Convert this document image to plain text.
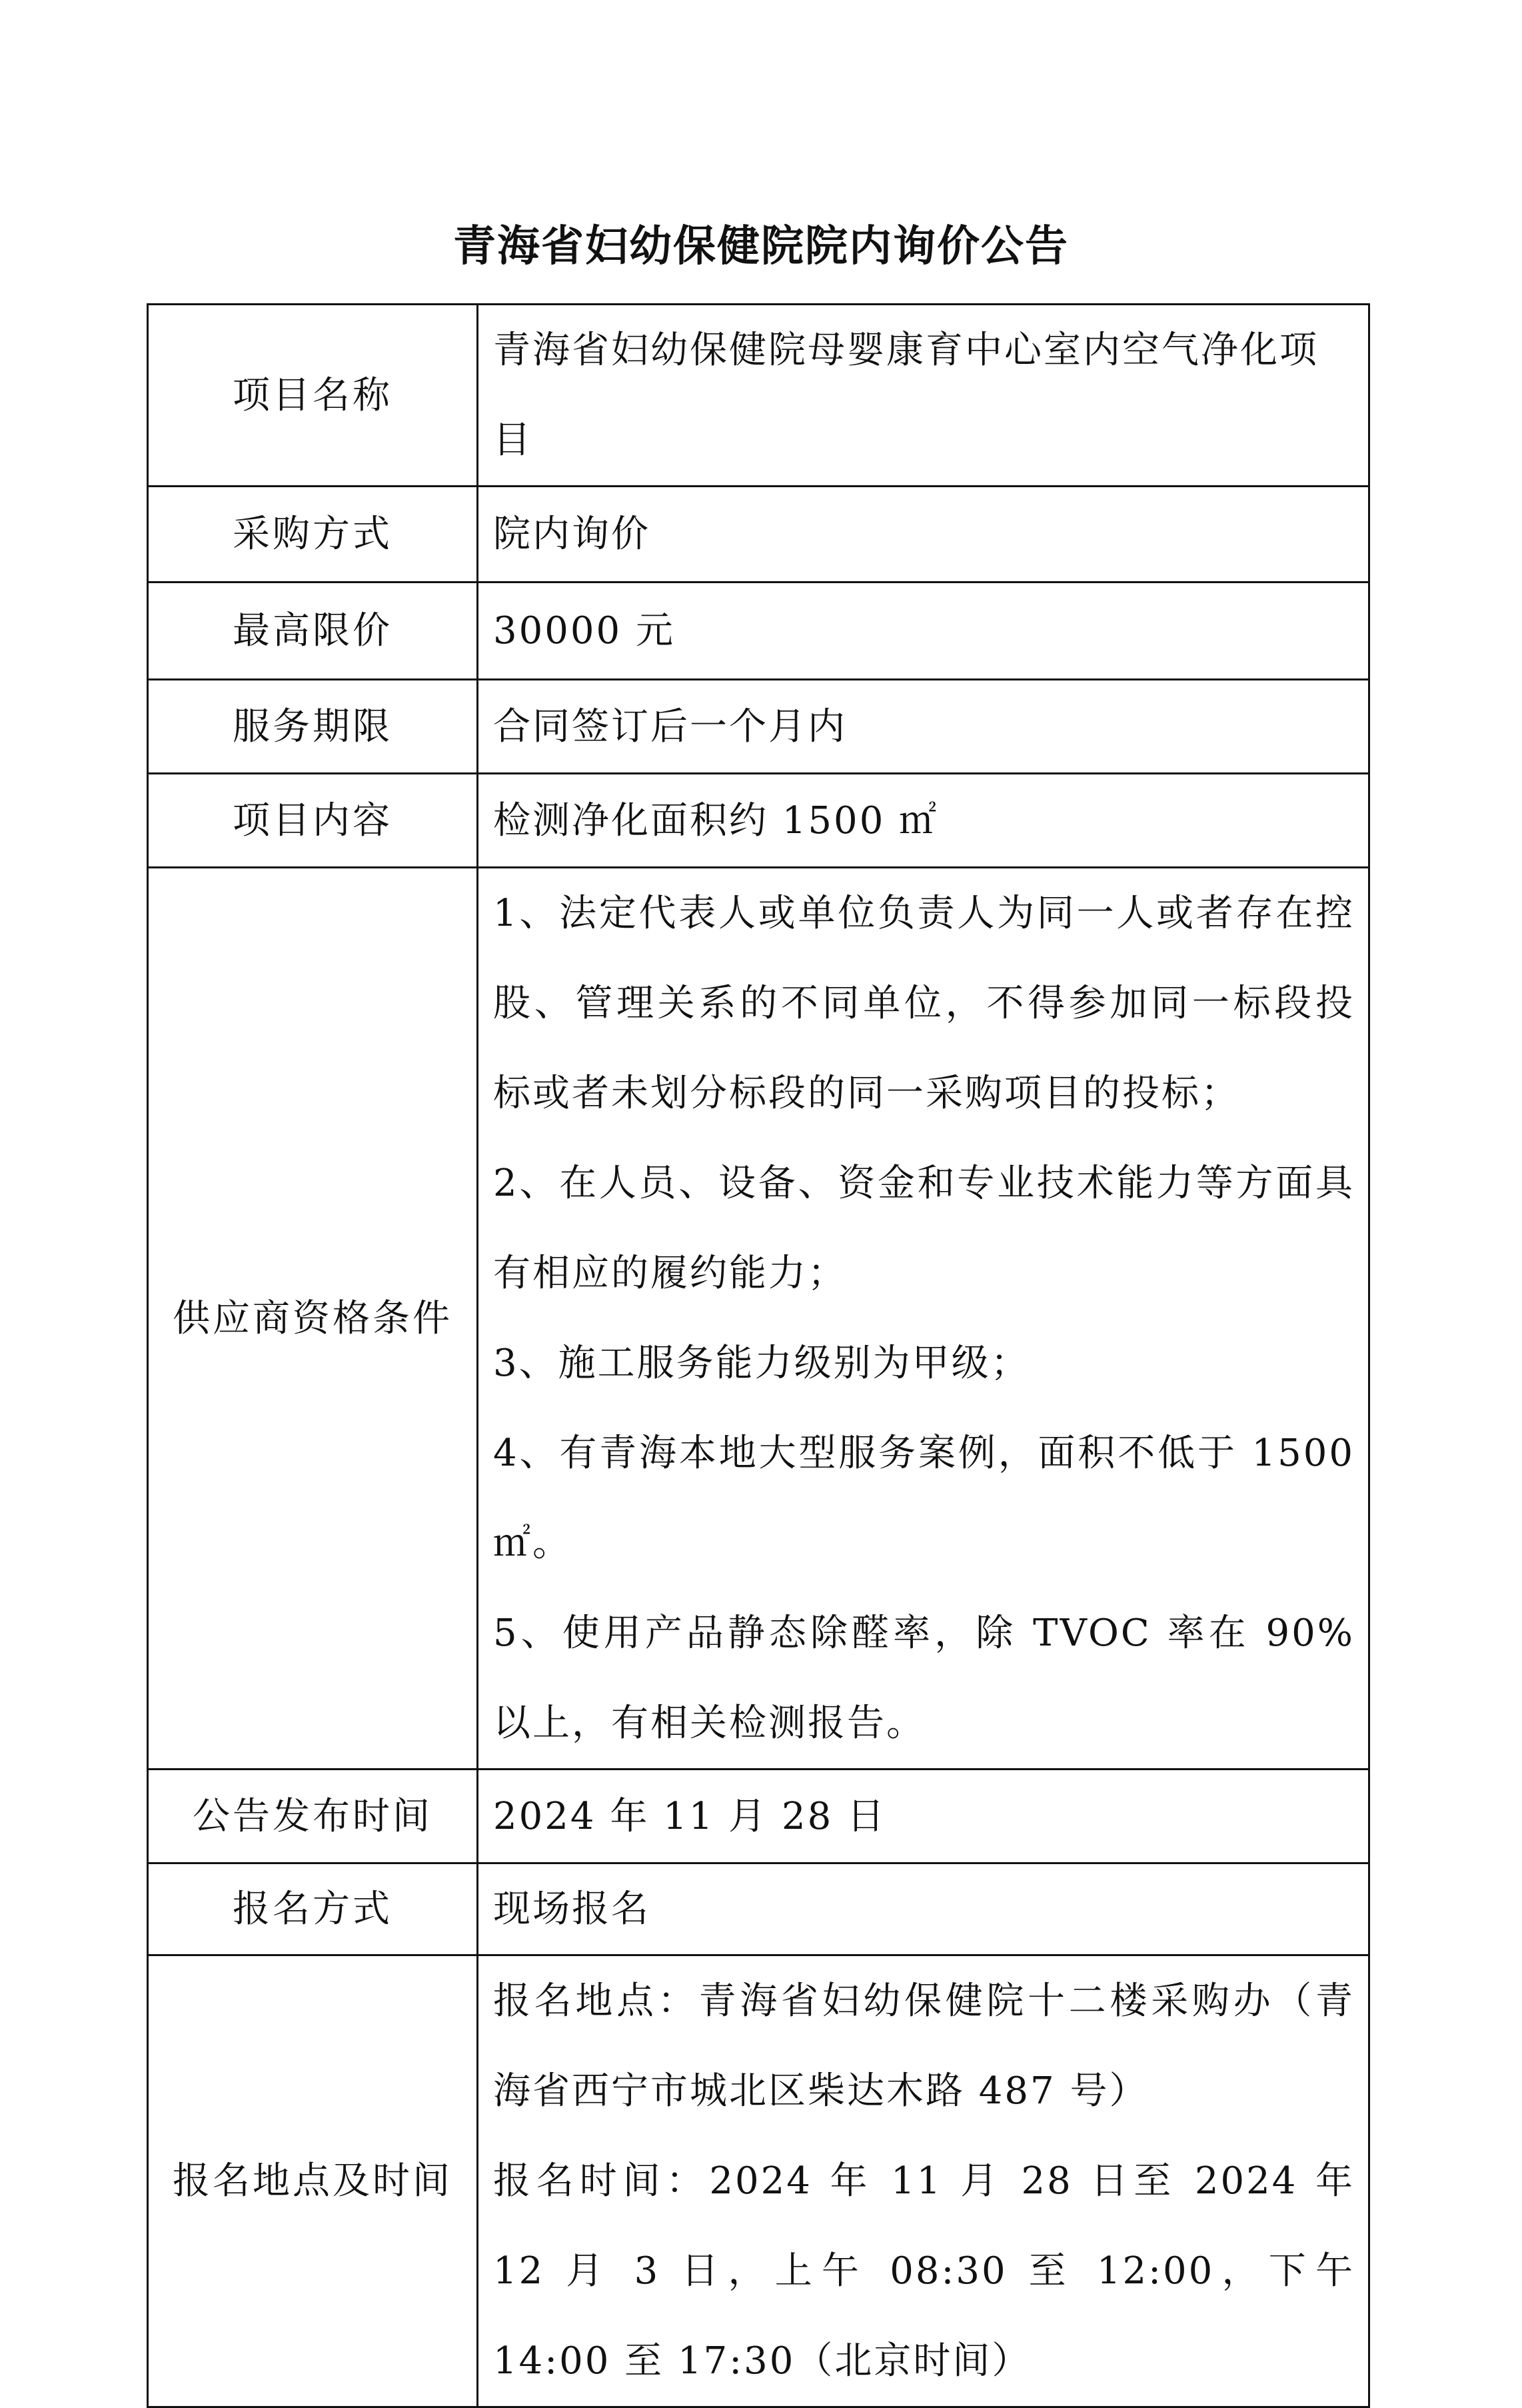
青海省妇幼保健院院内询价公告
项目名称	青海省妇幼保健院母婴康育中心室内空气净化项目
采购方式	院内询价
最高限价	30000 元
服务期限	合同签订后一个月内
项目内容	检测净化面积约 1500 ㎡
供应商资格条件	1、法定代表人或单位负责人为同一人或者存在控股、管理关系的不同单位，不得参加同一标段投标或者未划分标段的同一采购项目的投标；
2、在人员、设备、资金和专业技术能力等方面具有相应的履约能力；
3、施工服务能力级别为甲级；
4、有青海本地大型服务案例，面积不低于 1500 ㎡。
5、使用产品静态除醛率，除 TVOC 率在 90%以上，有相关检测报告。

公告发布时间	2024 年 11 月 28 日
报名方式	现场报名
报名地点及时间	报名地点：青海省妇幼保健院十二楼采购办（青海省西宁市城北区柴达木路 487 号）
报名时间：2024 年 11 月 28 日至 2024 年 12 月 3 日，上午 08:30 至 12:00，下午 14:00 至 17:30（北京时间）
